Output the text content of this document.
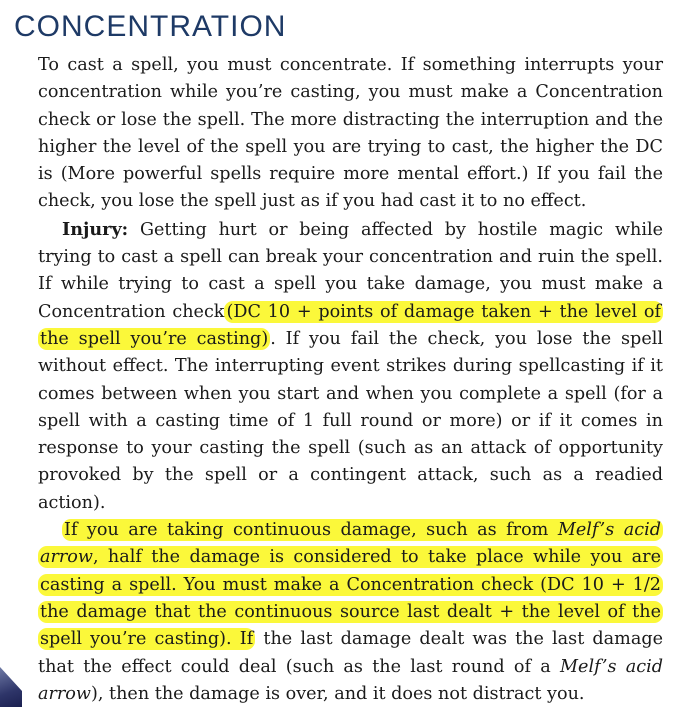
CONCENTRATION

To cast a spell, you must concentrate. If something interrupts your concentration while you’re casting, you must make a Concentration check or lose the spell. The more distracting the interruption and the higher the level of the spell you are trying to cast, the higher the DC is (More powerful spells require more mental effort.) If you fail the check, you lose the spell just as if you had cast it to no effect.

Injury: Getting hurt or being affected by hostile magic while trying to cast a spell can break your concentration and ruin the spell. If while trying to cast a spell you take damage, you must make a Concentration check (DC 10 + points of damage taken + the level of the spell you’re casting) . If you fail the check, you lose the spell without effect. The interrupting event strikes during spellcasting if it comes between when you start and when you complete a spell (for a spell with a casting time of 1 full round or more) or if it comes in response to your casting the spell (such as an attack of opportunity provoked by the spell or a contingent attack, such as a readied action).

If you are taking continuous damage, such as from Melf’s acid arrow, half the damage is considered to take place while you are casting a spell. You must make a Concentration check (DC 10 + 1/2 the damage that the continuous source last dealt + the level of the spell you’re casting). If the last damage dealt was the last damage that the effect could deal (such as the last round of a Melf’s acid arrow), then the damage is over, and it does not distract you.
